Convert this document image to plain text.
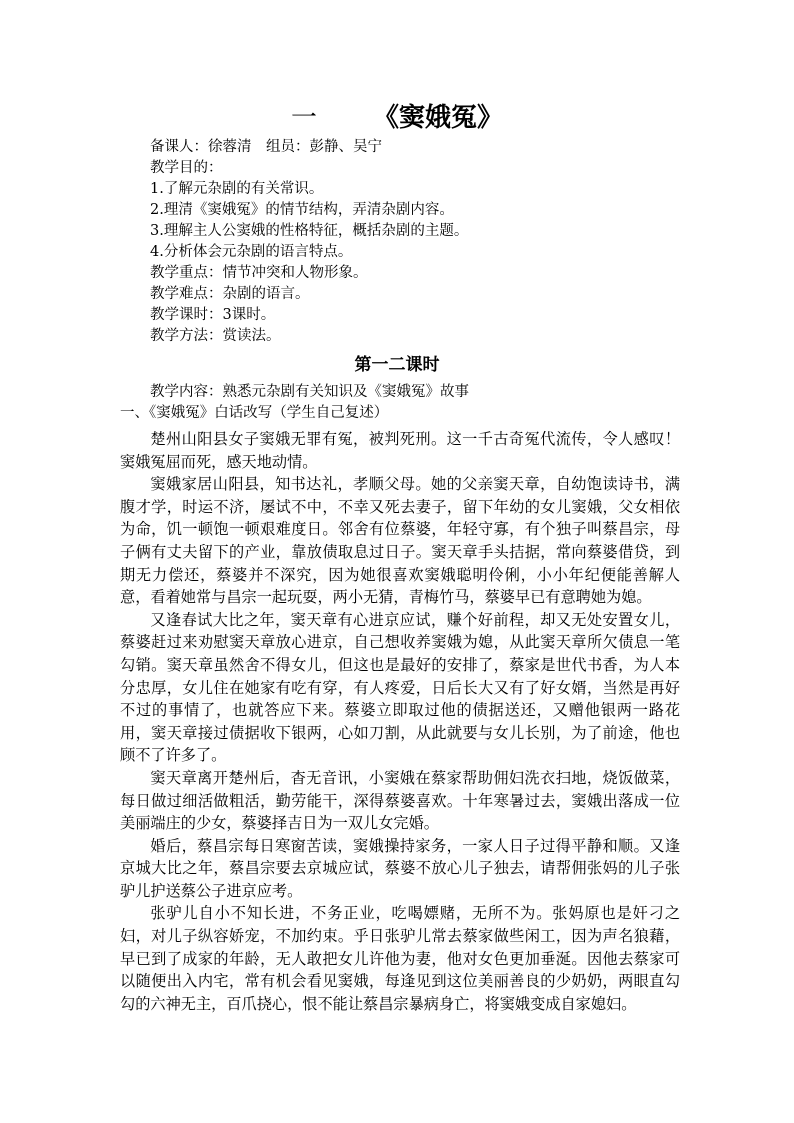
一 《窦娥冤》
备课人：徐蓉清　组员：彭静、吴宁
教学目的：
1.了解元杂剧的有关常识。
2.理清《窦娥冤》的情节结构，弄清杂剧内容。
3.理解主人公窦娥的性格特征，概括杂剧的主题。
4.分析体会元杂剧的语言特点。
教学重点：情节冲突和人物形象。
教学难点：杂剧的语言。
教学课时：3课时。
教学方法：赏读法。
第一二课时
教学内容：熟悉元杂剧有关知识及《窦娥冤》故事
一、《窦娥冤》白话改写（学生自己复述）

楚州山阳县女子窦娥无罪有冤，被判死刑。这一千古奇冤代流传，令人感叹！窦娥冤屈而死，感天地动情。

窦娥家居山阳县，知书达礼，孝顺父母。她的父亲窦天章，自幼饱读诗书，满腹才学，时运不济，屡试不中，不幸又死去妻子，留下年幼的女儿窦娥，父女相依为命，饥一顿饱一顿艰难度日。邻舍有位蔡婆，年轻守寡，有个独子叫蔡昌宗，母子俩有丈夫留下的产业，靠放债取息过日子。窦天章手头拮据，常向蔡婆借贷，到期无力偿还，蔡婆并不深究，因为她很喜欢窦娥聪明伶俐，小小年纪便能善解人意，看着她常与昌宗一起玩耍，两小无猜，青梅竹马，蔡婆早已有意聘她为媳。

又逢春试大比之年，窦天章有心进京应试，赚个好前程，却又无处安置女儿，蔡婆赶过来劝慰窦天章放心进京，自己想收养窦娥为媳，从此窦天章所欠债息一笔勾销。窦天章虽然舍不得女儿，但这也是最好的安排了，蔡家是世代书香，为人本分忠厚，女儿住在她家有吃有穿，有人疼爱，日后长大又有了好女婿，当然是再好不过的事情了，也就答应下来。蔡婆立即取过他的债据送还，又赠他银两一路花用，窦天章接过债据收下银两，心如刀割，从此就要与女儿长别，为了前途，他也顾不了许多了。

窦天章离开楚州后，杳无音讯，小窦娥在蔡家帮助佣妇洗衣扫地，烧饭做菜，每日做过细活做粗活，勤劳能干，深得蔡婆喜欢。十年寒暑过去，窦娥出落成一位美丽端庄的少女，蔡婆择吉日为一双儿女完婚。

婚后，蔡昌宗每日寒窗苦读，窦娥操持家务，一家人日子过得平静和顺。又逢京城大比之年，蔡昌宗要去京城应试，蔡婆不放心儿子独去，请帮佣张妈的儿子张驴儿护送蔡公子进京应考。

张驴儿自小不知长进，不务正业，吃喝嫖赌，无所不为。张妈原也是奸刁之妇，对儿子纵容娇宠，不加约束。乎日张驴儿常去蔡家做些闲工，因为声名狼藉，早已到了成家的年龄，无人敢把女儿许他为妻，他对女色更加垂涎。因他去蔡家可以随便出入内宅，常有机会看见窦娥，每逢见到这位美丽善良的少奶奶，两眼直勾勾的六神无主，百爪挠心，恨不能让蔡昌宗暴病身亡，将窦娥变成自家媳妇。
